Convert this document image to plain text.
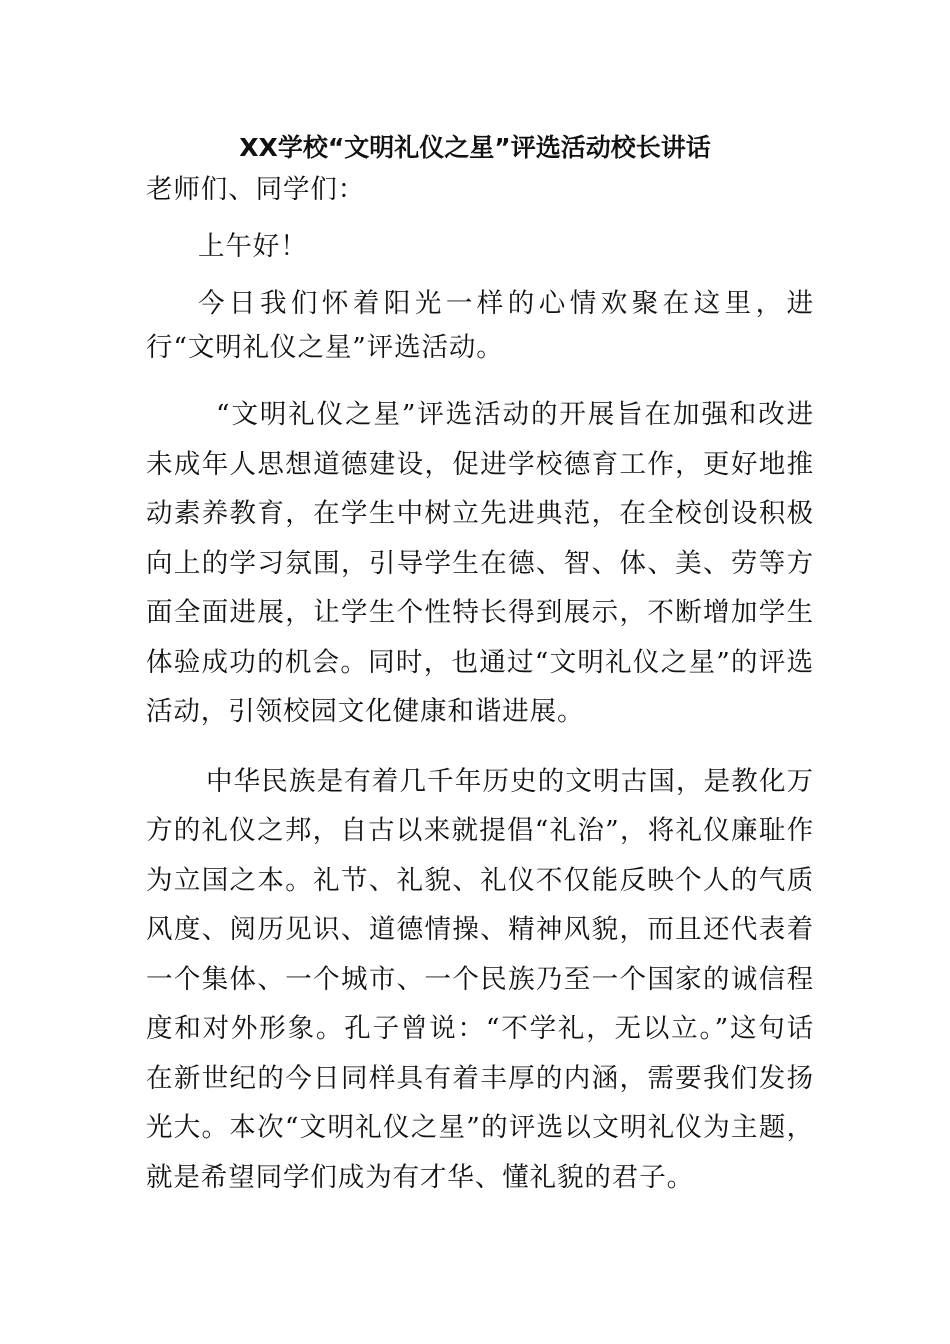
XX学校“文明礼仪之星”评选活动校长讲话

老师们、同学们：

上午好！

今日我们怀着阳光一样的心情欢聚在这里，进行“文明礼仪之星”评选活动。

“文明礼仪之星”评选活动的开展旨在加强和改进未成年人思想道德建设，促进学校德育工作，更好地推动素养教育，在学生中树立先进典范，在全校创设积极向上的学习氛围，引导学生在德、智、体、美、劳等方面全面进展，让学生个性特长得到展示，不断增加学生体验成功的机会。同时，也通过“文明礼仪之星”的评选活动，引领校园文化健康和谐进展。

中华民族是有着几千年历史的文明古国，是教化万方的礼仪之邦，自古以来就提倡“礼治”，将礼仪廉耻作为立国之本。礼节、礼貌、礼仪不仅能反映个人的气质风度、阅历见识、道德情操、精神风貌，而且还代表着一个集体、一个城市、一个民族乃至一个国家的诚信程度和对外形象。孔子曾说：“不学礼，无以立。”这句话在新世纪的今日同样具有着丰厚的内涵，需要我们发扬光大。本次“文明礼仪之星”的评选以文明礼仪为主题，就是希望同学们成为有才华、懂礼貌的君子。
